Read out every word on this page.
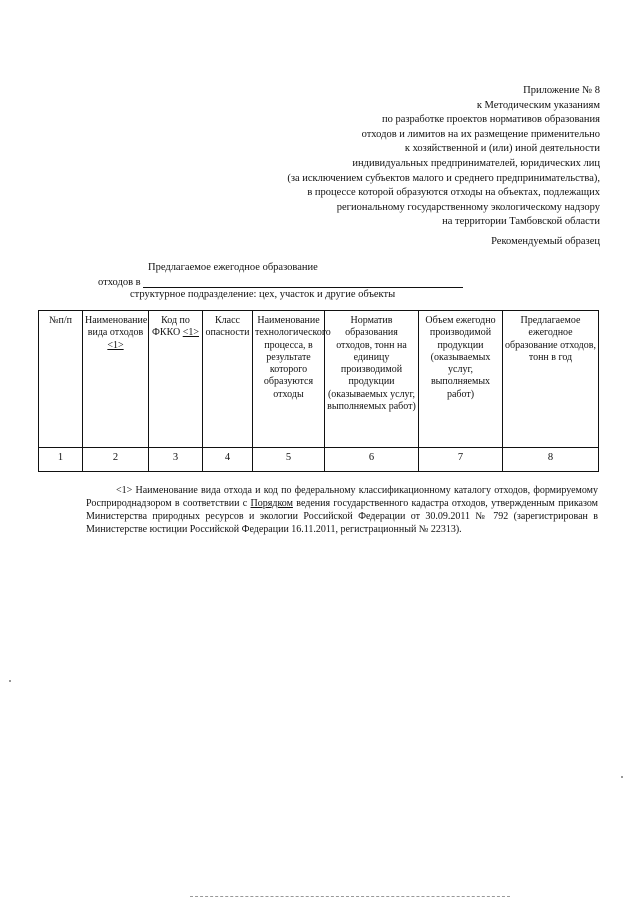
Приложение № 8
к Методическим указаниям
по разработке проектов нормативов образования
отходов и лимитов на их размещение применительно
к хозяйственной и (или) иной деятельности
индивидуальных предпринимателей, юридических лиц
(за исключением субъектов малого и среднего предпринимательства),
в процессе которой образуются отходы на объектах, подлежащих
региональному государственному экологическому надзору
на территории Тамбовской области
Рекомендуемый образец
Предлагаемое ежегодное образование
отходов в
структурное подразделение: цех, участок и другие объекты
№п/п	Наименование вида отходов <1>	Код по ФККО <1>	Класс опасности	Наименование технологического процесса, в результате которого образуются отходы	Норматив образования отходов, тонн на единицу производимой продукции (оказываемых услуг, выполняемых работ)	Объем ежегодно производимой продукции (оказываемых услуг, выполняемых работ)	Предлагаемое ежегодное образование отходов, тонн в год
1	2	3	4	5	6	7	8
<1> Наименование вида отхода и код по федеральному классификационному каталогу отходов, формируемому Росприроднадзором в соответствии с Порядком ведения государственного кадастра отходов, утвержденным приказом Министерства природных ресурсов и экологии Российской Федерации от 30.09.2011 № 792 (зарегистрирован в Министерстве юстиции Российской Федерации 16.11.2011, регистрационный № 22313).
